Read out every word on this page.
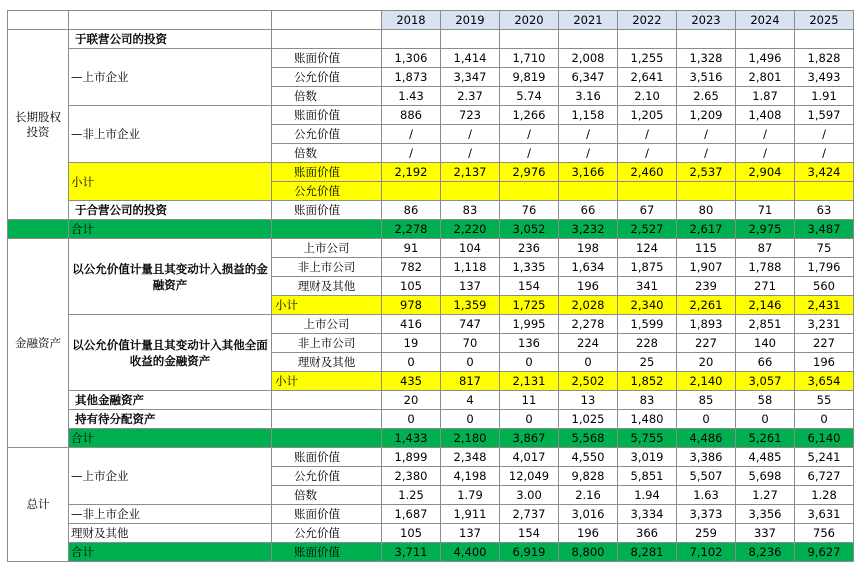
			2018	2019	2020	2021	2022	2023	2024	2025
长期股权投资	于联营公司的投资									
	—上市企业	账面价值	1,306	1,414	1,710	2,008	1,255	1,328	1,496	1,828
		公允价值	1,873	3,347	9,819	6,347	2,641	3,516	2,801	3,493
		倍数	1.43	2.37	5.74	3.16	2.10	2.65	1.87	1.91
	—非上市企业	账面价值	886	723	1,266	1,158	1,205	1,209	1,408	1,597
		公允价值	/	/	/	/	/	/	/	/
		倍数	/	/	/	/	/	/	/	/
	小计	账面价值	2,192	2,137	2,976	3,166	2,460	2,537	2,904	3,424
		公允价值								
	于合营公司的投资	账面价值	86	83	76	66	67	80	71	63
	合计		2,278	2,220	3,052	3,232	2,527	2,617	2,975	3,487
金融资产	以公允价值计量且其变动计入损益的金融资产	上市公司	91	104	236	198	124	115	87	75
		非上市公司	782	1,118	1,335	1,634	1,875	1,907	1,788	1,796
		理财及其他	105	137	154	196	341	239	271	560
		小计	978	1,359	1,725	2,028	2,340	2,261	2,146	2,431
	以公允价值计量且其变动计入其他全面收益的金融资产	上市公司	416	747	1,995	2,278	1,599	1,893	2,851	3,231
		非上市公司	19	70	136	224	228	227	140	227
		理财及其他	0	0	0	0	25	20	66	196
		小计	435	817	2,131	2,502	1,852	2,140	3,057	3,654
	其他金融资产		20	4	11	13	83	85	58	55
	持有待分配资产		0	0	0	1,025	1,480	0	0	0
	合计		1,433	2,180	3,867	5,568	5,755	4,486	5,261	6,140
总计	—上市企业	账面价值	1,899	2,348	4,017	4,550	3,019	3,386	4,485	5,241
		公允价值	2,380	4,198	12,049	9,828	5,851	5,507	5,698	6,727
		倍数	1.25	1.79	3.00	2.16	1.94	1.63	1.27	1.28
	—非上市企业	账面价值	1,687	1,911	2,737	3,016	3,334	3,373	3,356	3,631
	理财及其他	公允价值	105	137	154	196	366	259	337	756
	合计	账面价值	3,711	4,400	6,919	8,800	8,281	7,102	8,236	9,627
